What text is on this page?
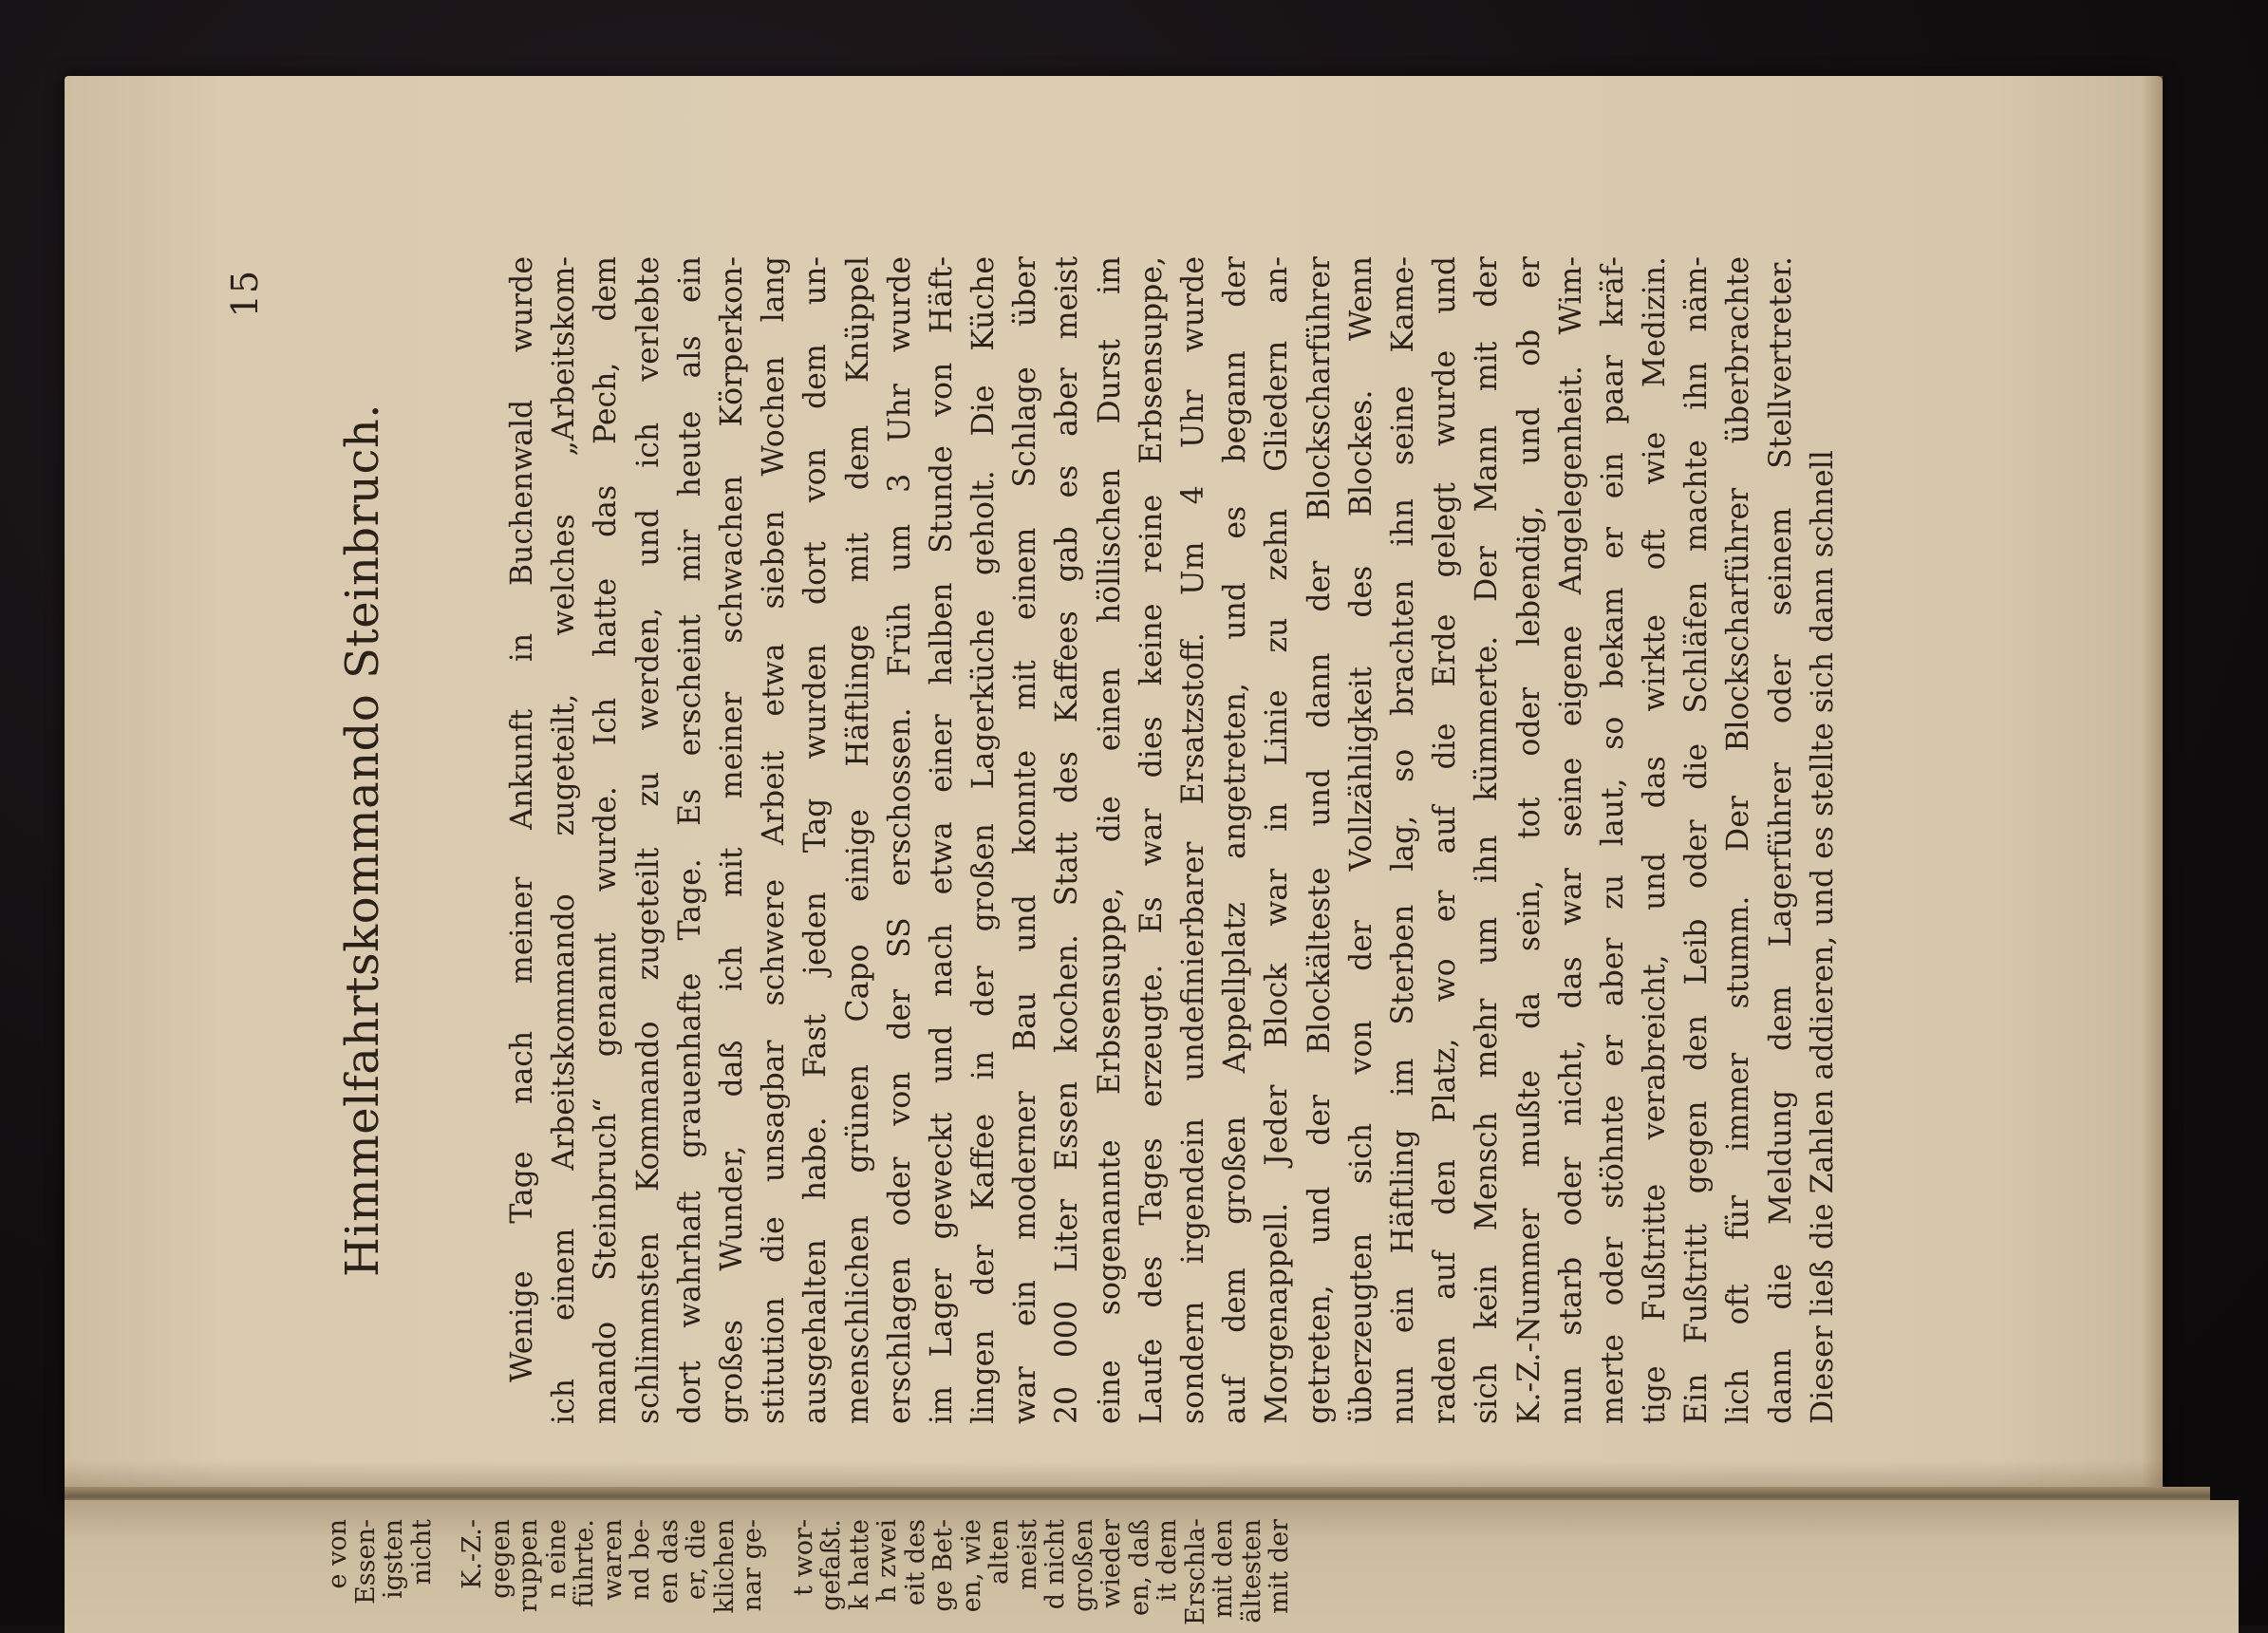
e von
Essen-
igsten
nicht K.-Z.-
gegen
ruppen
n eine
führte.
waren
nd be-
en das
er, die
klichen
nar ge- t wor-
gefaßt.
k hatte
h zwei
eit des
ge Bet-
en, wie
alten
meist
d nicht
großen
wieder
en, daß
it dem
Erschla-
mit den
ältesten
mit der
15
Himmelfahrtskommando Steinbruch.	Wenige Tage nach meiner Ankunft in Buchenwald wurde ich einem Arbeitskommando zugeteilt, welches „Arbeitskom- mando Steinbruch“ genannt wurde. Ich hatte das Pech, dem schlimmsten Kommando zugeteilt zu werden, und ich verlebte dort wahrhaft grauenhafte Tage. Es erscheint mir heute als ein großes Wunder, daß ich mit meiner schwachen Körperkon- stitution die unsagbar schwere Arbeit etwa sieben Wochen lang ausgehalten habe. Fast jeden Tag wurden dort von dem un- menschlichen grünen Capo einige Häftlinge mit dem Knüppel erschlagen oder von der SS erschossen. Früh um 3 Uhr wurde im Lager geweckt und nach etwa einer halben Stunde von Häft- lingen der Kaffee in der großen Lagerküche geholt. Die Küche war ein moderner Bau und konnte mit einem Schlage über 20 000 Liter Essen kochen. Statt des Kaffees gab es aber meist eine sogenannte Erbsensuppe, die einen höllischen Durst im Laufe des Tages erzeugte. Es war dies keine reine Erbsensuppe, sondern irgendein undefinierbarer Ersatzstoff. Um 4 Uhr wurde auf dem großen Appellplatz angetreten, und es begann der Morgenappell. Jeder Block war in Linie zu zehn Gliedern an- getreten, und der Blockälteste und dann der Blockscharführer überzeugten sich von der Vollzähligkeit des Blockes. Wenn nun ein Häftling im Sterben lag, so brachten ihn seine Kame- raden auf den Platz, wo er auf die Erde gelegt wurde und sich kein Mensch mehr um ihn kümmerte. Der Mann mit der K.-Z.-Nummer mußte da sein, tot oder lebendig, und ob er nun starb oder nicht, das war seine eigene Angelegenheit. Wim- merte oder stöhnte er aber zu laut, so bekam er ein paar kräf- tige Fußtritte verabreicht, und das wirkte oft wie Medizin. Ein Fußtritt gegen den Leib oder die Schläfen machte ihn näm- lich oft für immer stumm. Der Blockscharführer überbrachte dann die Meldung dem Lagerführer oder seinem Stellvertreter. Dieser ließ die Zahlen addieren, und es stellte sich dann schnell
